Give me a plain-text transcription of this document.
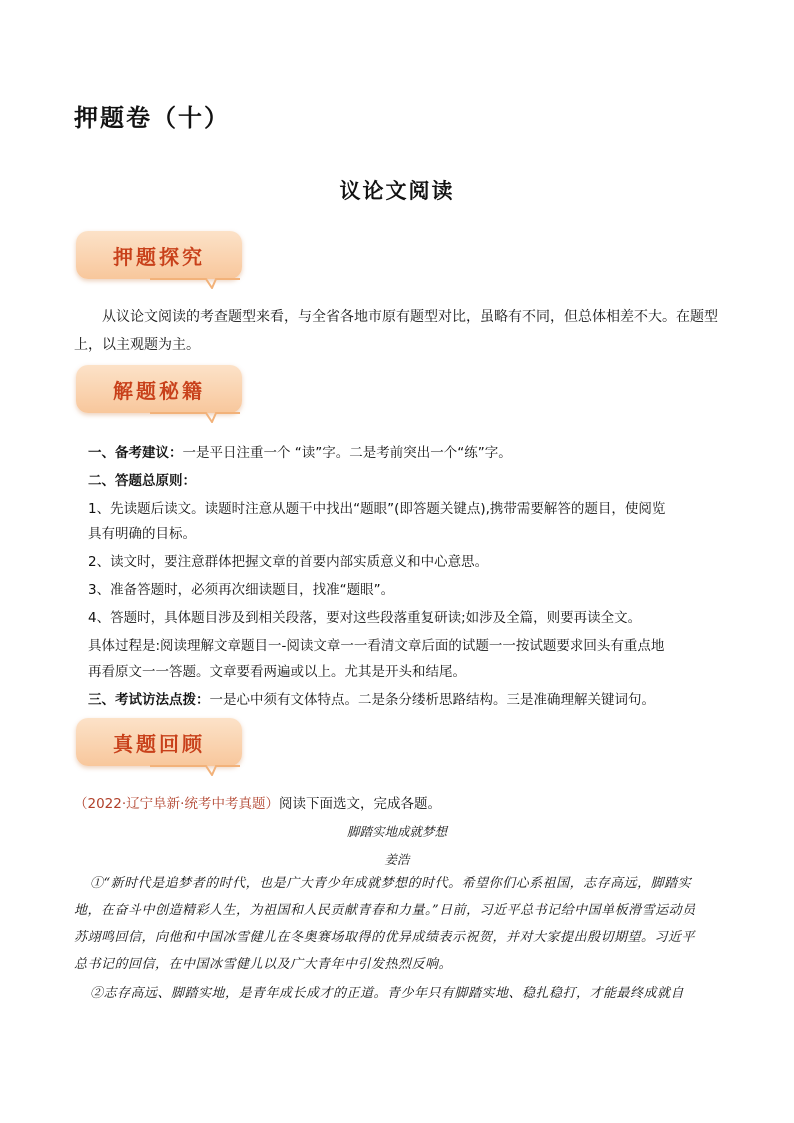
押题卷（十）
议论文阅读
押题探究

从议论文阅读的考查题型来看，与全省各地市原有题型对比，虽略有不同，但总体相差不大。在题型上，以主观题为主。

解题秘籍

一、备考建议：一是平日注重一个 “读”字。二是考前突出一个“练”字。

二、答题总原则：

1、先读题后读文。读题时注意从题干中找出“题眼”(即答题关键点),携带需要解答的题目，使阅览

具有明确的目标。

2、读文时，要注意群体把握文章的首要内部实质意义和中心意思。

3、准备答题时，必须再次细读题目，找准“题眼”。

4、答题时，具体题目涉及到相关段落，要对这些段落重复研读;如涉及全篇，则要再读全文。

具体过程是:阅读理解文章题目一-阅读文章一一看清文章后面的试题一一按试题要求回头有重点地

再看原文一一答题。文章要看两遍或以上。尤其是开头和结尾。

三、考试访法点拨：一是心中须有文体特点。二是条分缕析思路结构。三是准确理解关键词句。

真题回顾

（2022·辽宁阜新·统考中考真题）阅读下面选文，完成各题。

脚踏实地成就梦想

姜浩

①“新时代是追梦者的时代，也是广大青少年成就梦想的时代。希望你们心系祖国，志存高远，脚踏实

地，在奋斗中创造精彩人生，为祖国和人民贡献青春和力量。”日前，习近平总书记给中国单板滑雪运动员

苏翊鸣回信，向他和中国冰雪健儿在冬奥赛场取得的优异成绩表示祝贺，并对大家提出殷切期望。习近平

总书记的回信，在中国冰雪健儿以及广大青年中引发热烈反响。

②志存高远、脚踏实地，是青年成长成才的正道。青少年只有脚踏实地、稳扎稳打，才能最终成就自
